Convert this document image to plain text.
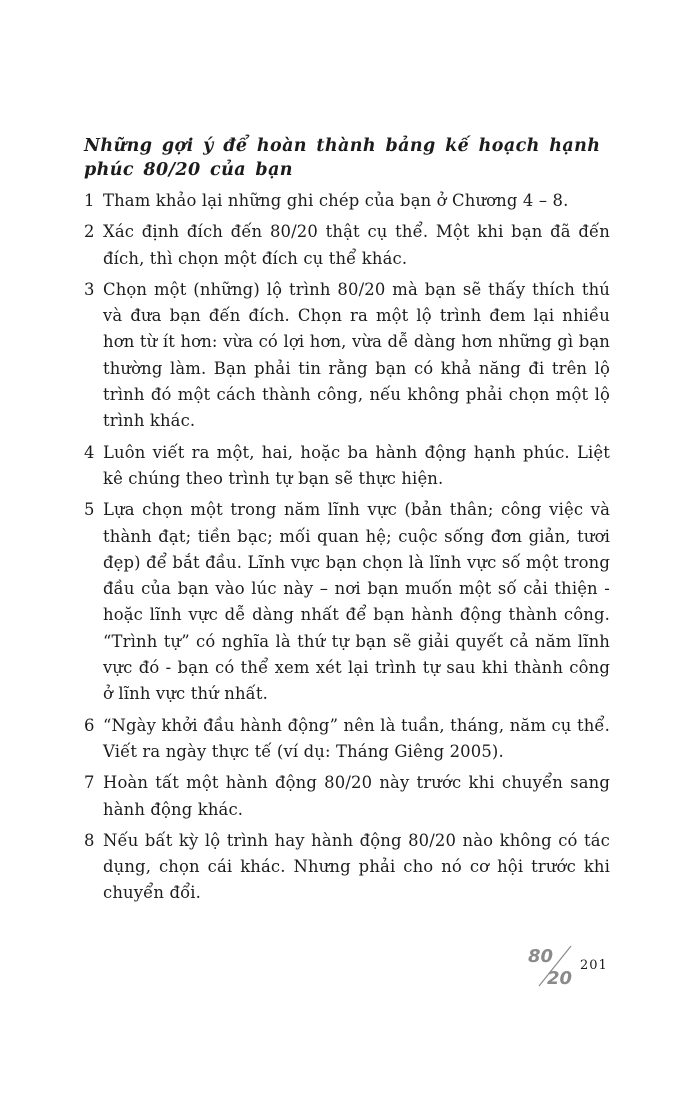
Những gợi ý để hoàn thành bảng kế hoạch hạnh phúc 80/20 của bạn
1 Tham khảo lại những ghi chép của bạn ở Chương 4 – 8.
2 Xác định đích đến 80/20 thật cụ thể. Một khi bạn đã đến đích, thì chọn một đích cụ thể khác.
3 Chọn một (những) lộ trình 80/20 mà bạn sẽ thấy thích thú và đưa bạn đến đích. Chọn ra một lộ trình đem lại nhiều hơn từ ít hơn: vừa có lợi hơn, vừa dễ dàng hơn những gì bạn thường làm. Bạn phải tin rằng bạn có khả năng đi trên lộ trình đó một cách thành công, nếu không phải chọn một lộ trình khác.
4 Luôn viết ra một, hai, hoặc ba hành động hạnh phúc. Liệt kê chúng theo trình tự bạn sẽ thực hiện.
5 Lựa chọn một trong năm lĩnh vực (bản thân; công việc và thành đạt; tiền bạc; mối quan hệ; cuộc sống đơn giản, tươi đẹp) để bắt đầu. Lĩnh vực bạn chọn là lĩnh vực số một trong đầu của bạn vào lúc này – nơi bạn muốn một số cải thiện - hoặc lĩnh vực dễ dàng nhất để bạn hành động thành công. “Trình tự” có nghĩa là thứ tự bạn sẽ giải quyết cả năm lĩnh vực đó - bạn có thể xem xét lại trình tự sau khi thành công ở lĩnh vực thứ nhất.
6 “Ngày khởi đầu hành động” nên là tuần, tháng, năm cụ thể. Viết ra ngày thực tế (ví dụ: Tháng Giêng 2005).
7 Hoàn tất một hành động 80/20 này trước khi chuyển sang hành động khác.
8 Nếu bất kỳ lộ trình hay hành động 80/20 nào không có tác dụng, chọn cái khác. Nhưng phải cho nó cơ hội trước khi chuyển đổi.
80
20
201
